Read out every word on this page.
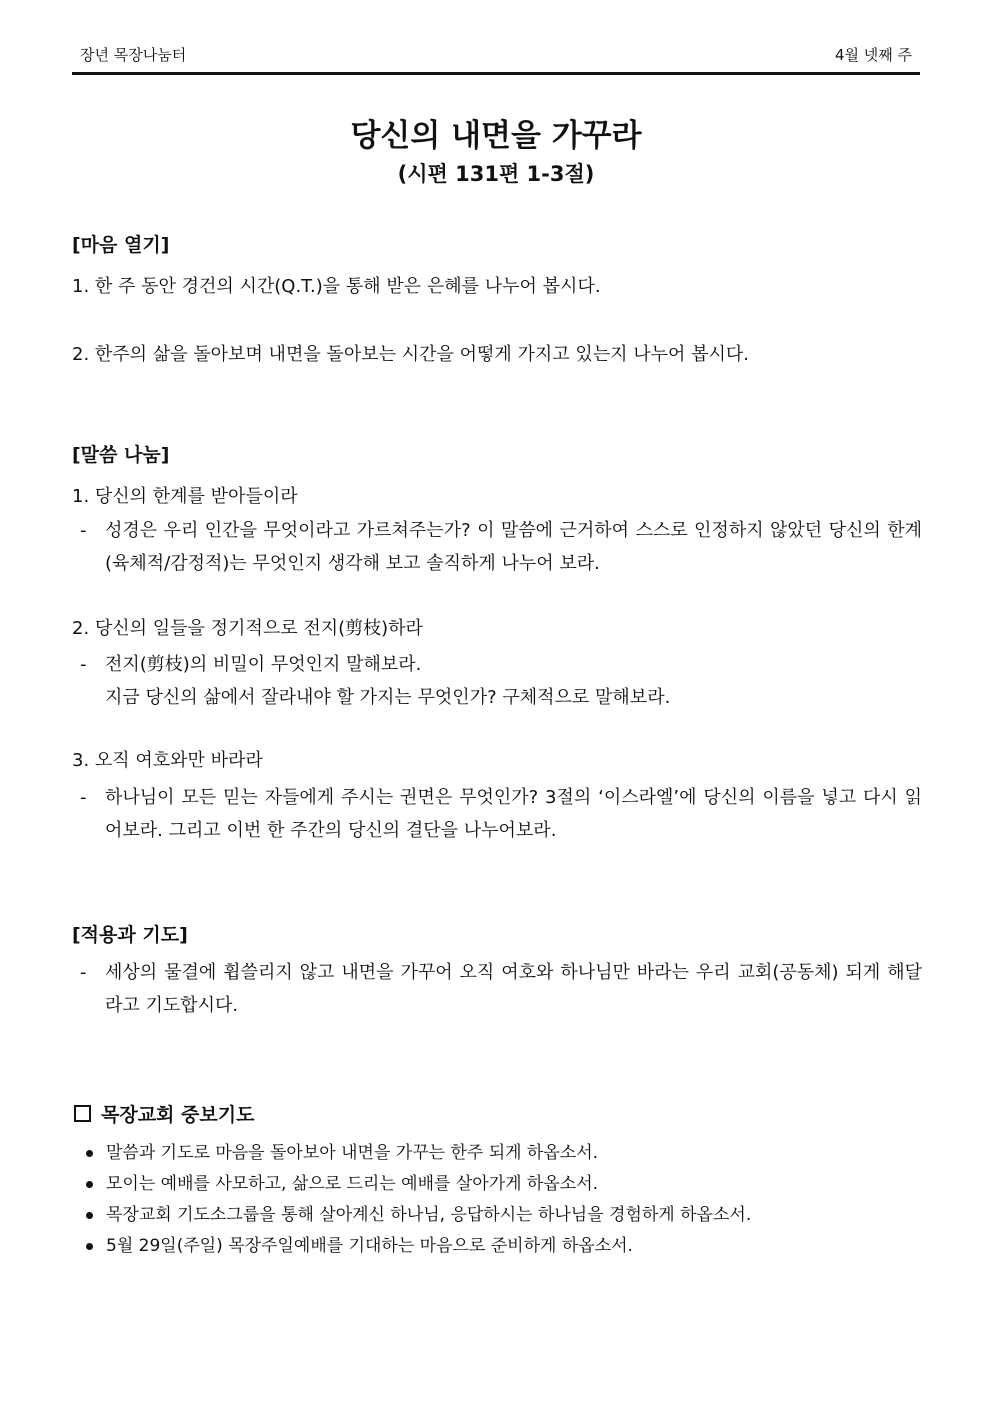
장년 목장나눔터	4월 넷째 주
당신의 내면을 가꾸라
(시편 131편 1-3절)
[마음 열기]
1. 한 주 동안 경건의 시간(Q.T.)을 통해 받은 은혜를 나누어 봅시다.
2. 한주의 삶을 돌아보며 내면을 돌아보는 시간을 어떻게 가지고 있는지 나누어 봅시다.
[말씀 나눔]
1. 당신의 한계를 받아들이라
- 성경은 우리 인간을 무엇이라고 가르쳐주는가? 이 말씀에 근거하여 스스로 인정하지 않았던 당신의 한계(육체적/감정적)는 무엇인지 생각해 보고 솔직하게 나누어 보라.
2. 당신의 일들을 정기적으로 전지(剪枝)하라
- 전지(剪枝)의 비밀이 무엇인지 말해보라.
지금 당신의 삶에서 잘라내야 할 가지는 무엇인가? 구체적으로 말해보라.
3. 오직 여호와만 바라라
- 하나님이 모든 믿는 자들에게 주시는 권면은 무엇인가? 3절의 ‘이스라엘’에 당신의 이름을 넣고 다시 읽어보라. 그리고 이번 한 주간의 당신의 결단을 나누어보라.
[적용과 기도]
- 세상의 물결에 휩쓸리지 않고 내면을 가꾸어 오직 여호와 하나님만 바라는 우리 교회(공동체) 되게 해달라고 기도합시다.
목장교회 중보기도
말씀과 기도로 마음을 돌아보아 내면을 가꾸는 한주 되게 하옵소서.
모이는 예배를 사모하고, 삶으로 드리는 예배를 살아가게 하옵소서.
목장교회 기도소그룹을 통해 살아계신 하나님, 응답하시는 하나님을 경험하게 하옵소서.
5월 29일(주일) 목장주일예배를 기대하는 마음으로 준비하게 하옵소서.
